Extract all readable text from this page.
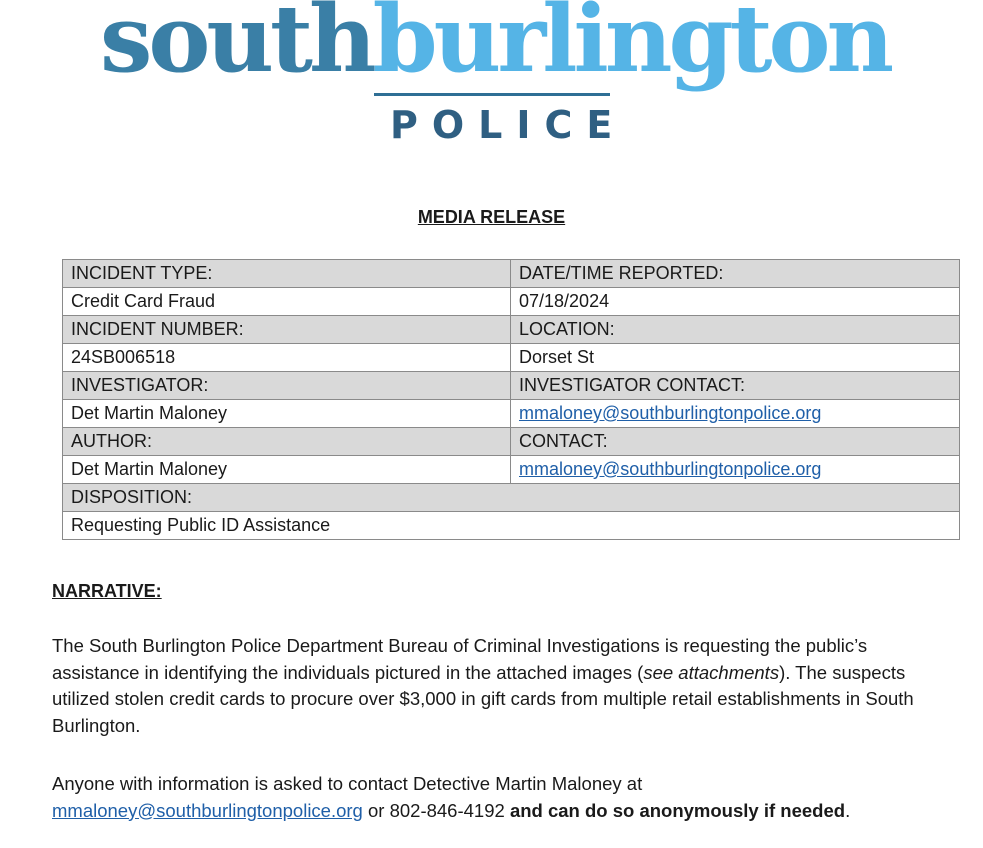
southburlington
POLICE
MEDIA RELEASE
INCIDENT TYPE:	DATE/TIME REPORTED:
Credit Card Fraud	07/18/2024
INCIDENT NUMBER:	LOCATION:
24SB006518	Dorset St
INVESTIGATOR:	INVESTIGATOR CONTACT:
Det Martin Maloney	mmaloney@southburlingtonpolice.org
AUTHOR:	CONTACT:
Det Martin Maloney	mmaloney@southburlingtonpolice.org
DISPOSITION:	
Requesting Public ID Assistance	
NARRATIVE:
The South Burlington Police Department Bureau of Criminal Investigations is requesting the public’s assistance in identifying the individuals pictured in the attached images (see attachments). The suspects utilized stolen credit cards to procure over $3,000 in gift cards from multiple retail establishments in South Burlington.
Anyone with information is asked to contact Detective Martin Maloney at
mmaloney@southburlingtonpolice.org or 802-846-4192 and can do so anonymously if needed.
